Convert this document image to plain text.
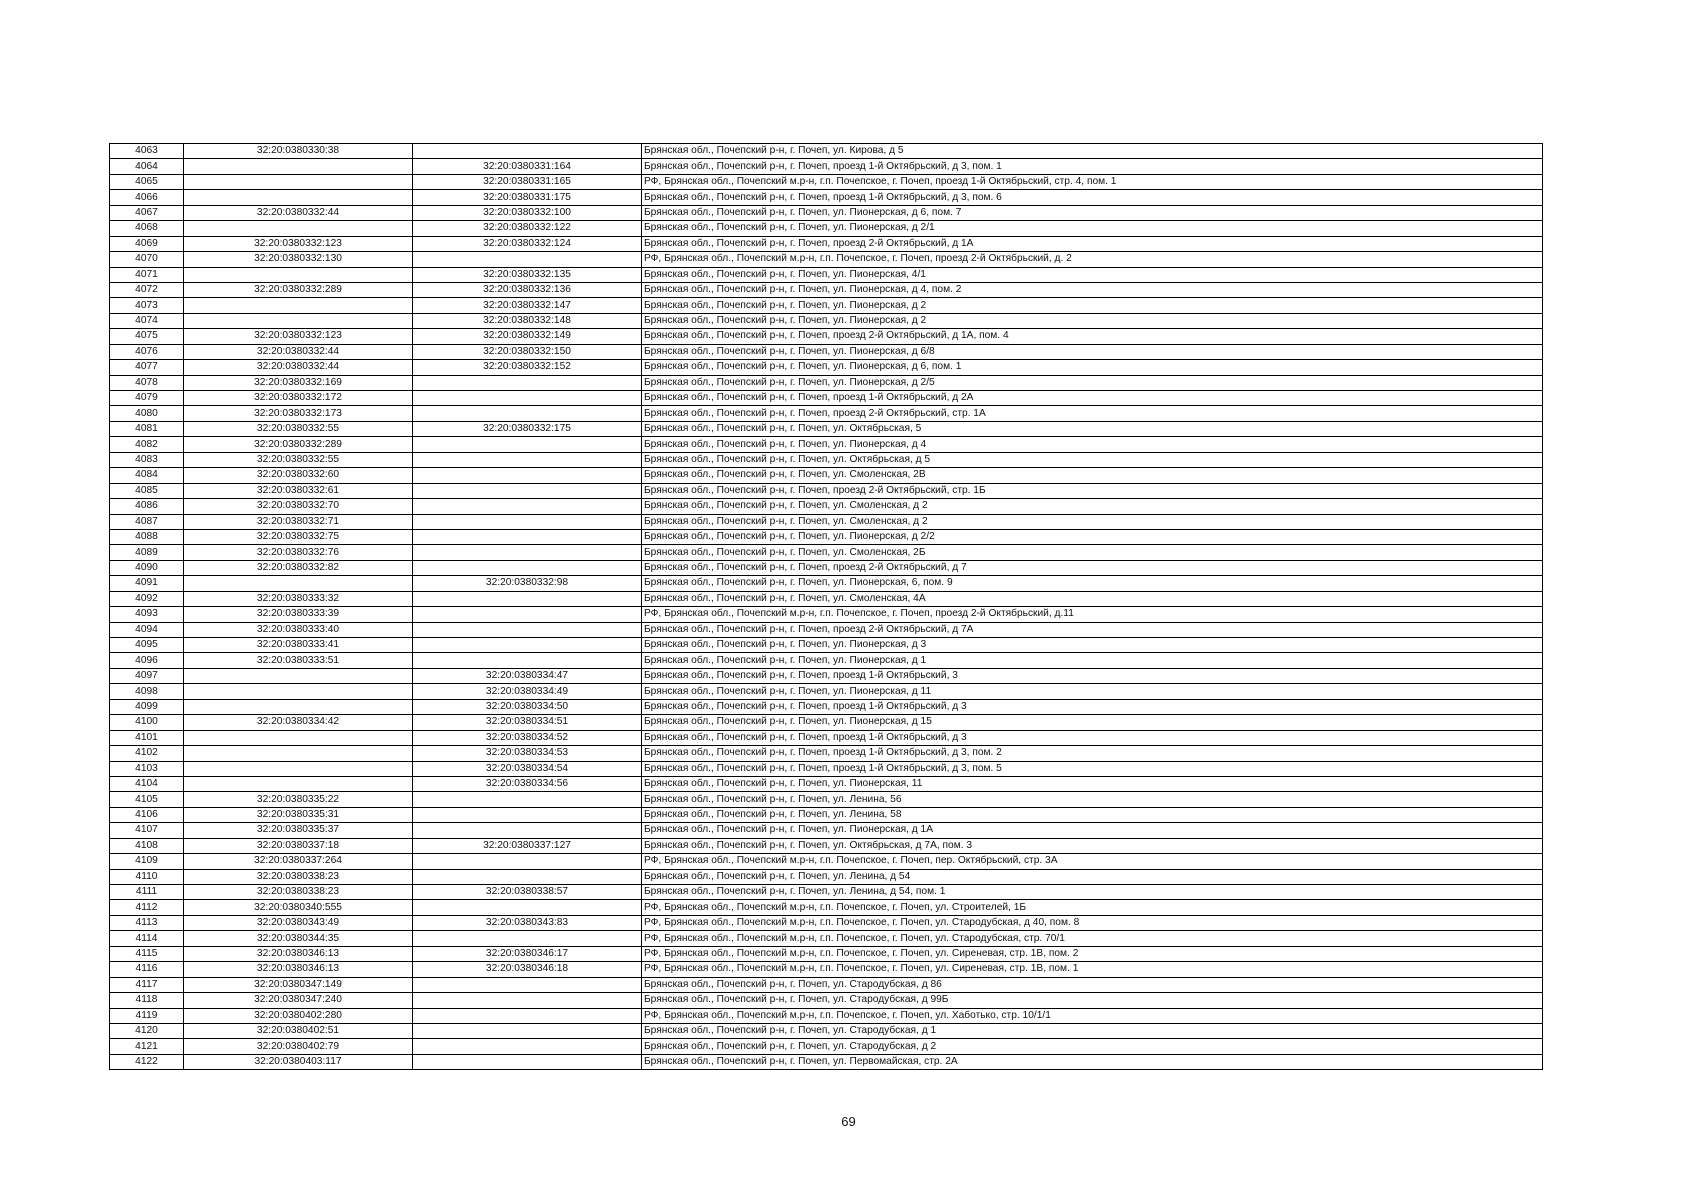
4063	32:20:0380330:38		Брянская обл., Почепский р-н, г. Почеп, ул. Кирова, д 5
4064		32:20:0380331:164	Брянская обл., Почепский р-н, г. Почеп, проезд 1-й Октябрьский, д 3, пом. 1
4065		32:20:0380331:165	РФ, Брянская обл., Почепский м.р-н, г.п. Почепское, г. Почеп, проезд 1-й Октябрьский, стр. 4, пом. 1
4066		32:20:0380331:175	Брянская обл., Почепский р-н, г. Почеп, проезд 1-й Октябрьский, д 3, пом. 6
4067	32:20:0380332:44	32:20:0380332:100	Брянская обл., Почепский р-н, г. Почеп, ул. Пионерская, д 6, пом. 7
4068		32:20:0380332:122	Брянская обл., Почепский р-н, г. Почеп, ул. Пионерская, д 2/1
4069	32:20:0380332:123	32:20:0380332:124	Брянская обл., Почепский р-н, г. Почеп, проезд 2-й Октябрьский, д 1А
4070	32:20:0380332:130		РФ, Брянская обл., Почепский м.р-н, г.п. Почепское, г. Почеп, проезд 2-й Октябрьский, д. 2
4071		32:20:0380332:135	Брянская обл., Почепский р-н, г. Почеп, ул. Пионерская, 4/1
4072	32:20:0380332:289	32:20:0380332:136	Брянская обл., Почепский р-н, г. Почеп, ул. Пионерская, д 4, пом. 2
4073		32:20:0380332:147	Брянская обл., Почепский р-н, г. Почеп, ул. Пионерская, д 2
4074		32:20:0380332:148	Брянская обл., Почепский р-н, г. Почеп, ул. Пионерская, д 2
4075	32:20:0380332:123	32:20:0380332:149	Брянская обл., Почепский р-н, г. Почеп, проезд 2-й Октябрьский, д 1А, пом. 4
4076	32:20:0380332:44	32:20:0380332:150	Брянская обл., Почепский р-н, г. Почеп, ул. Пионерская, д 6/8
4077	32:20:0380332:44	32:20:0380332:152	Брянская обл., Почепский р-н, г. Почеп, ул. Пионерская, д 6, пом. 1
4078	32:20:0380332:169		Брянская обл., Почепский р-н, г. Почеп, ул. Пионерская, д 2/5
4079	32:20:0380332:172		Брянская обл., Почепский р-н, г. Почеп, проезд 1-й Октябрьский, д 2А
4080	32:20:0380332:173		Брянская обл., Почепский р-н, г. Почеп, проезд 2-й Октябрьский, стр. 1А
4081	32:20:0380332:55	32:20:0380332:175	Брянская обл., Почепский р-н, г. Почеп, ул. Октябрьская, 5
4082	32:20:0380332:289		Брянская обл., Почепский р-н, г. Почеп, ул. Пионерская, д 4
4083	32:20:0380332:55		Брянская обл., Почепский р-н, г. Почеп, ул. Октябрьская, д 5
4084	32:20:0380332:60		Брянская обл., Почепский р-н, г. Почеп, ул. Смоленская, 2В
4085	32:20:0380332:61		Брянская обл., Почепский р-н, г. Почеп, проезд 2-й Октябрьский, стр. 1Б
4086	32:20:0380332:70		Брянская обл., Почепский р-н, г. Почеп, ул. Смоленская, д 2
4087	32:20:0380332:71		Брянская обл., Почепский р-н, г. Почеп, ул. Смоленская, д 2
4088	32:20:0380332:75		Брянская обл., Почепский р-н, г. Почеп, ул. Пионерская, д 2/2
4089	32:20:0380332:76		Брянская обл., Почепский р-н, г. Почеп, ул. Смоленская, 2Б
4090	32:20:0380332:82		Брянская обл., Почепский р-н, г. Почеп, проезд 2-й Октябрьский, д 7
4091		32:20:0380332:98	Брянская обл., Почепский р-н, г. Почеп, ул. Пионерская, 6, пом. 9
4092	32:20:0380333:32		Брянская обл., Почепский р-н, г. Почеп, ул. Смоленская, 4А
4093	32:20:0380333:39		РФ, Брянская обл., Почепский м.р-н, г.п. Почепское, г. Почеп, проезд 2-й Октябрьский, д.11
4094	32:20:0380333:40		Брянская обл., Почепский р-н, г. Почеп, проезд 2-й Октябрьский, д 7А
4095	32:20:0380333:41		Брянская обл., Почепский р-н, г. Почеп, ул. Пионерская, д 3
4096	32:20:0380333:51		Брянская обл., Почепский р-н, г. Почеп, ул. Пионерская, д 1
4097		32:20:0380334:47	Брянская обл., Почепский р-н, г. Почеп, проезд 1-й Октябрьский, 3
4098		32:20:0380334:49	Брянская обл., Почепский р-н, г. Почеп, ул. Пионерская, д 11
4099		32:20:0380334:50	Брянская обл., Почепский р-н, г. Почеп, проезд 1-й Октябрьский, д 3
4100	32:20:0380334:42	32:20:0380334:51	Брянская обл., Почепский р-н, г. Почеп, ул. Пионерская, д 15
4101		32:20:0380334:52	Брянская обл., Почепский р-н, г. Почеп, проезд 1-й Октябрьский, д 3
4102		32:20:0380334:53	Брянская обл., Почепский р-н, г. Почеп, проезд 1-й Октябрьский, д 3, пом. 2
4103		32:20:0380334:54	Брянская обл., Почепский р-н, г. Почеп, проезд 1-й Октябрьский, д 3, пом. 5
4104		32:20:0380334:56	Брянская обл., Почепский р-н, г. Почеп, ул. Пионерская, 11
4105	32:20:0380335:22		Брянская обл., Почепский р-н, г. Почеп, ул. Ленина, 56
4106	32:20:0380335:31		Брянская обл., Почепский р-н, г. Почеп, ул. Ленина, 58
4107	32:20:0380335:37		Брянская обл., Почепский р-н, г. Почеп, ул. Пионерская, д 1А
4108	32:20:0380337:18	32:20:0380337:127	Брянская обл., Почепский р-н, г. Почеп, ул. Октябрьская, д 7А, пом. 3
4109	32:20:0380337:264		РФ, Брянская обл., Почепский м.р-н, г.п. Почепское, г. Почеп, пер. Октябрьский, стр. 3А
4110	32:20:0380338:23		Брянская обл., Почепский р-н, г. Почеп, ул. Ленина, д 54
4111	32:20:0380338:23	32:20:0380338:57	Брянская обл., Почепский р-н, г. Почеп, ул. Ленина, д 54, пом. 1
4112	32:20:0380340:555		РФ, Брянская обл., Почепский м.р-н, г.п. Почепское, г. Почеп, ул. Строителей, 1Б
4113	32:20:0380343:49	32:20:0380343:83	РФ, Брянская обл., Почепский м.р-н, г.п. Почепское, г. Почеп, ул. Стародубская, д 40, пом. 8
4114	32:20:0380344:35		РФ, Брянская обл., Почепский м.р-н, г.п. Почепское, г. Почеп, ул. Стародубская, стр. 70/1
4115	32:20:0380346:13	32:20:0380346:17	РФ, Брянская обл., Почепский м.р-н, г.п. Почепское, г. Почеп, ул. Сиреневая, стр. 1В, пом. 2
4116	32:20:0380346:13	32:20:0380346:18	РФ, Брянская обл., Почепский м.р-н, г.п. Почепское, г. Почеп, ул. Сиреневая, стр. 1В, пом. 1
4117	32:20:0380347:149		Брянская обл., Почепский р-н, г. Почеп, ул. Стародубская, д 86
4118	32:20:0380347:240		Брянская обл., Почепский р-н, г. Почеп, ул. Стародубская, д 99Б
4119	32:20:0380402:280		РФ, Брянская обл., Почепский м.р-н, г.п. Почепское, г. Почеп, ул. Хаботько, стр. 10/1/1
4120	32:20:0380402:51		Брянская обл., Почепский р-н, г. Почеп, ул. Стародубская, д 1
4121	32:20:0380402:79		Брянская обл., Почепский р-н, г. Почеп, ул. Стародубская, д 2
4122	32:20:0380403:117		Брянская обл., Почепский р-н, г. Почеп, ул. Первомайская, стр. 2А
69
